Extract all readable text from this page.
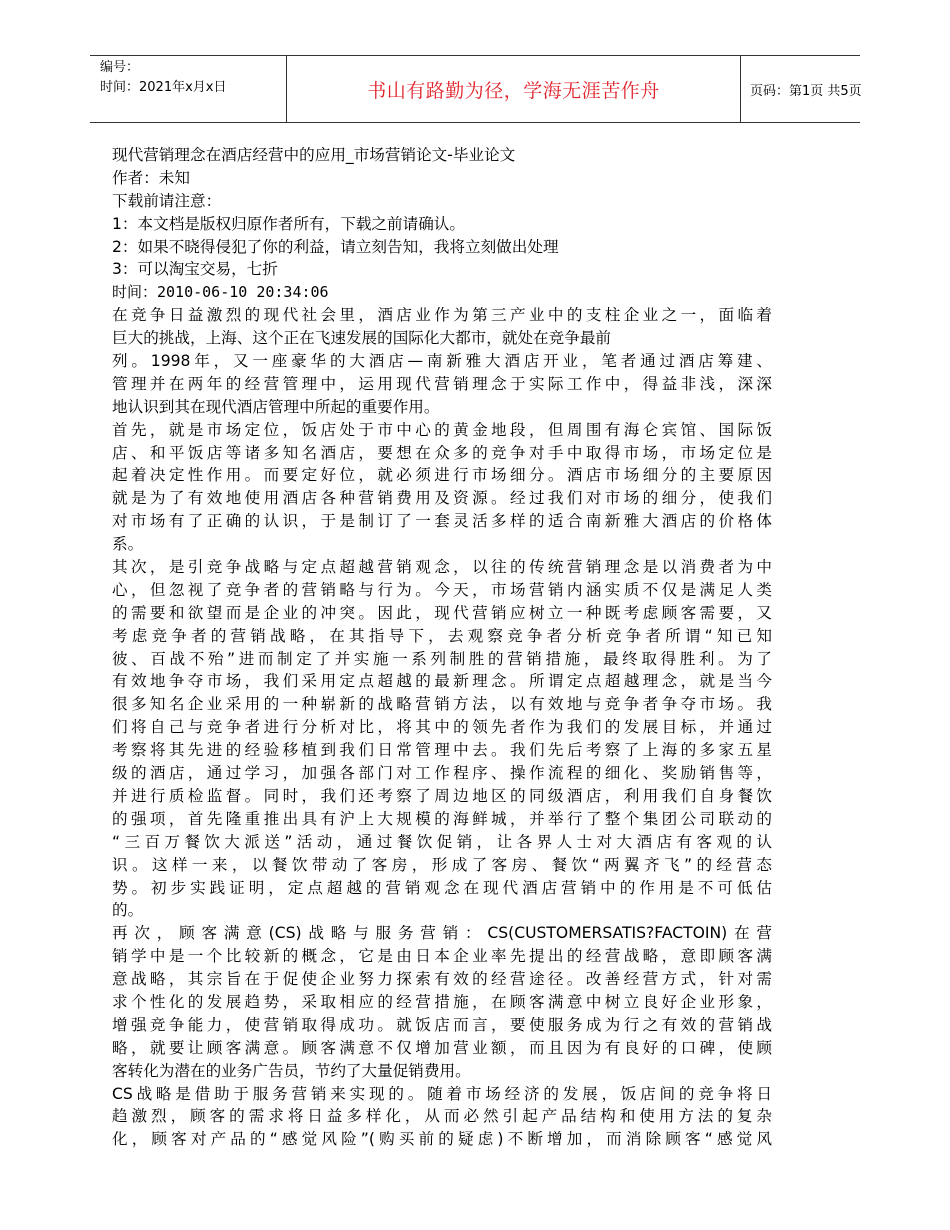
编号：
时间：2021年x月x日	书山有路勤为径，学海无涯苦作舟	页码：第1页 共5页
现代营销理念在酒店经营中的应用_市场营销论文-毕业论文
作者：未知
下载前请注意：
1：本文档是版权归原作者所有，下载之前请确认。
2：如果不晓得侵犯了你的利益，请立刻告知，我将立刻做出处理
3：可以淘宝交易，七折
时间：2010-06-10 20:34:06
在竞争日益激烈的现代社会里，酒店业作为第三产业中的支柱企业之一，面临着
巨大的挑战，上海、这个正在飞速发展的国际化大都市，就处在竞争最前
列。1998年，又一座豪华的大酒店—南新雅大酒店开业，笔者通过酒店筹建、
管理并在两年的经营管理中，运用现代营销理念于实际工作中，得益非浅，深深
地认识到其在现代酒店管理中所起的重要作用。
首先，就是市场定位，饭店处于市中心的黄金地段，但周围有海仑宾馆、国际饭
店、和平饭店等诸多知名酒店，要想在众多的竞争对手中取得市场，市场定位是
起着决定性作用。而要定好位，就必须进行市场细分。酒店市场细分的主要原因
就是为了有效地使用酒店各种营销费用及资源。经过我们对市场的细分，使我们
对市场有了正确的认识，于是制订了一套灵活多样的适合南新雅大酒店的价格体
系。
其次，是引竞争战略与定点超越营销观念，以往的传统营销理念是以消费者为中
心，但忽视了竞争者的营销略与行为。今天，市场营销内涵实质不仅是满足人类
的需要和欲望而是企业的冲突。因此，现代营销应树立一种既考虑顾客需要，又
考虑竞争者的营销战略，在其指导下，去观察竞争者分析竞争者所谓“知已知
彼、百战不殆”进而制定了并实施一系列制胜的营销措施，最终取得胜利。为了
有效地争夺市场，我们采用定点超越的最新理念。所谓定点超越理念，就是当今
很多知名企业采用的一种崭新的战略营销方法，以有效地与竞争者争夺市场。我
们将自己与竞争者进行分析对比，将其中的领先者作为我们的发展目标，并通过
考察将其先进的经验移植到我们日常管理中去。我们先后考察了上海的多家五星
级的酒店，通过学习，加强各部门对工作程序、操作流程的细化、奖励销售等，
并进行质检监督。同时，我们还考察了周边地区的同级酒店，利用我们自身餐饮
的强项，首先隆重推出具有沪上大规模的海鲜城，并举行了整个集团公司联动的
“三百万餐饮大派送”活动，通过餐饮促销，让各界人士对大酒店有客观的认
识。这样一来，以餐饮带动了客房，形成了客房、餐饮“两翼齐飞”的经营态
势。初步实践证明，定点超越的营销观念在现代酒店营销中的作用是不可低估
的。
再次，顾客满意(CS)战略与服务营销：CS(CUSTOMERSATIS?FACTOIN)在营
销学中是一个比较新的概念，它是由日本企业率先提出的经营战略，意即顾客满
意战略，其宗旨在于促使企业努力探索有效的经营途径。改善经营方式，针对需
求个性化的发展趋势，采取相应的经营措施，在顾客满意中树立良好企业形象，
增强竞争能力，使营销取得成功。就饭店而言，要使服务成为行之有效的营销战
略，就要让顾客满意。顾客满意不仅增加营业额，而且因为有良好的口碑，使顾
客转化为潜在的业务广告员，节约了大量促销费用。
CS战略是借助于服务营销来实现的。随着市场经济的发展，饭店间的竞争将日
趋激烈，顾客的需求将日益多样化，从而必然引起产品结构和使用方法的复杂
化，顾客对产品的“感觉风险”(购买前的疑虑)不断增加，而消除顾客“感觉风
